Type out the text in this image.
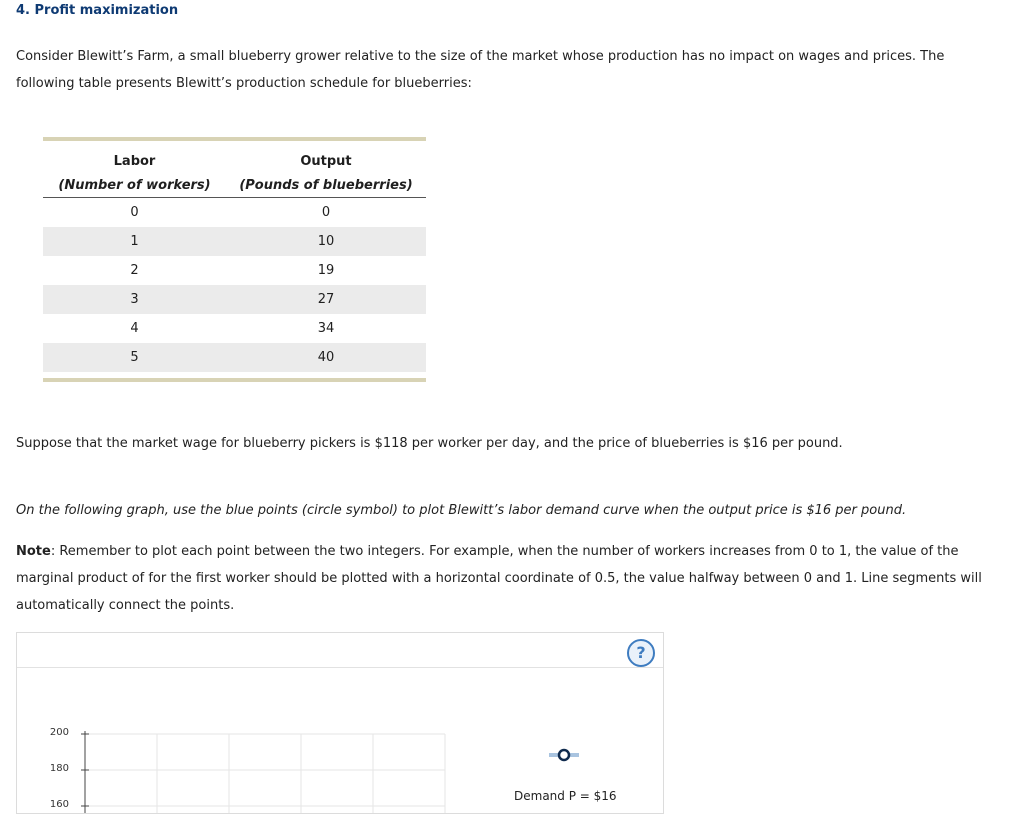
4. Profit maximization

Consider Blewitt’s Farm, a small blueberry grower relative to the size of the market whose production has no impact on wages and prices. The

following table presents Blewitt’s production schedule for blueberries:

Labor	Output
(Number of workers)	(Pounds of blueberries)
0	0
1	10
2	19
3	27
4	34
5	40
Suppose that the market wage for blueberry pickers is $118 per worker per day, and the price of blueberries is $16 per pound.
On the following graph, use the blue points (circle symbol) to plot Blewitt’s labor demand curve when the output price is $16 per pound.

Note: Remember to plot each point between the two integers. For example, when the number of workers increases from 0 to 1, the value of the

marginal product of for the first worker should be plotted with a horizontal coordinate of 0.5, the value halfway between 0 and 1. Line segments will

automatically connect the points.

?
200
180
160
Demand P = $16
